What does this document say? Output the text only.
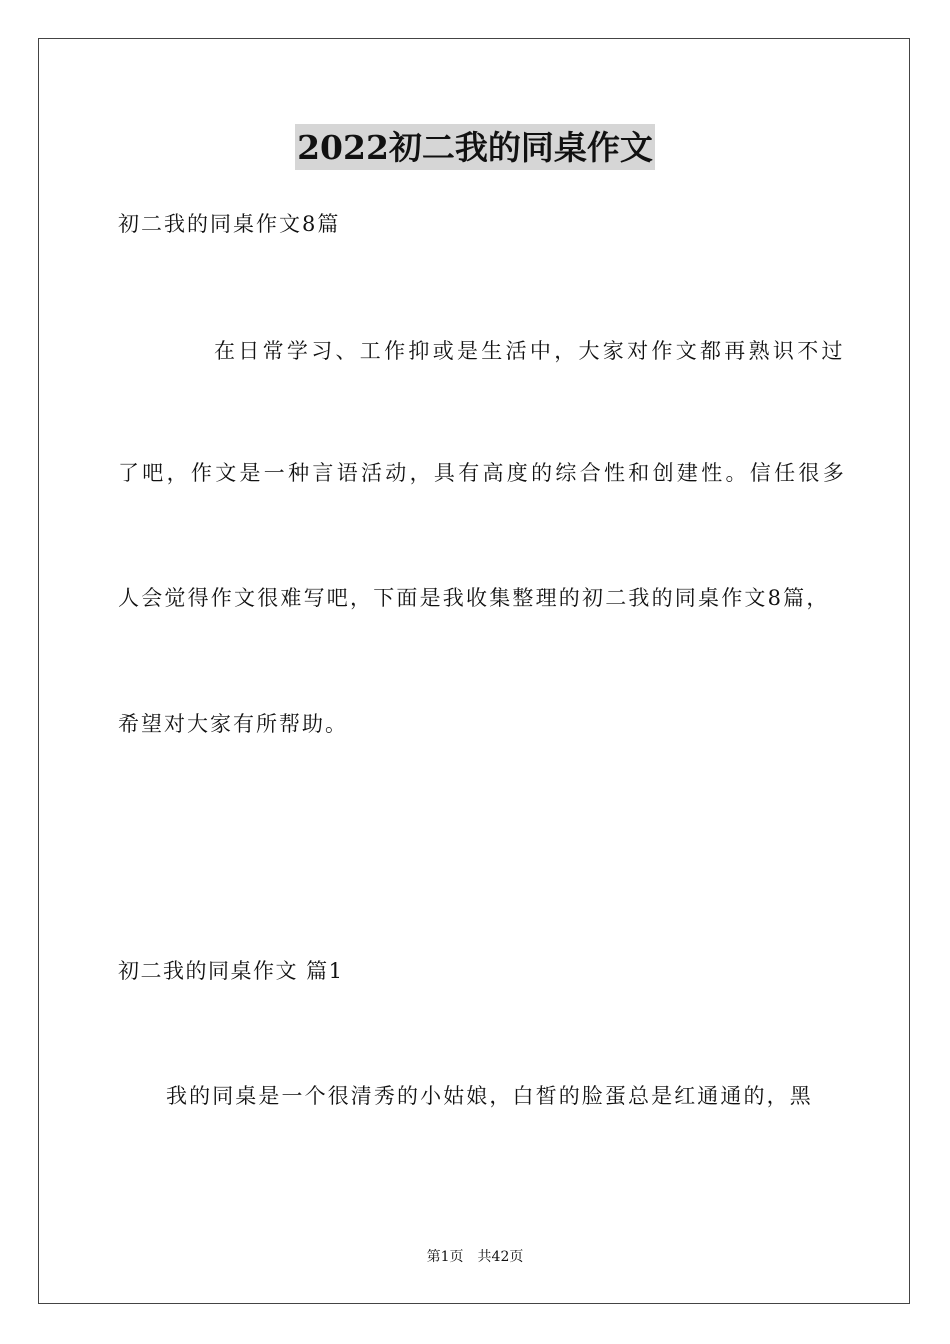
2022初二我的同桌作文
初二我的同桌作文8篇
在日常学习、工作抑或是生活中，大家对作文都再熟识不过
了吧，作文是一种言语活动，具有高度的综合性和创建性。信任很多
人会觉得作文很难写吧，下面是我收集整理的初二我的同桌作文8篇，
希望对大家有所帮助。
初二我的同桌作文 篇1
我的同桌是一个很清秀的小姑娘，白皙的脸蛋总是红通通的，黑
第1页 共42页
